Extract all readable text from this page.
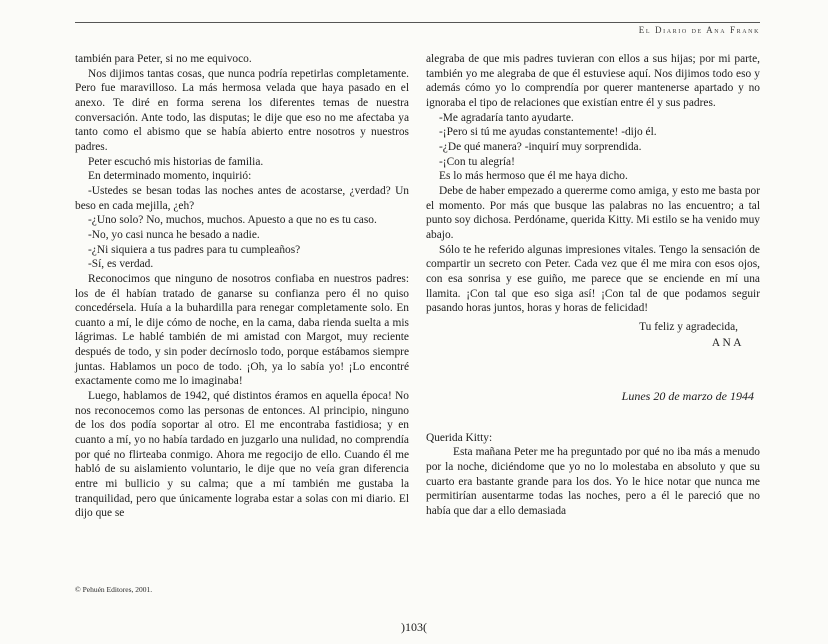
El Diario de Ana Frank

también para Peter, si no me equivoco.

Nos dijimos tantas cosas, que nunca podría repetirlas completamente. Pero fue maravilloso. La más hermosa velada que haya pasado en el anexo. Te diré en forma serena los diferentes temas de nuestra conversación. Ante todo, las disputas; le dije que eso no me afectaba ya tanto como el abismo que se había abierto entre nosotros y nuestros padres.

Peter escuchó mis historias de familia.

En determinado momento, inquirió:

-Ustedes se besan todas las noches antes de acostarse, ¿verdad? Un beso en cada mejilla, ¿eh?

-¿Uno solo? No, muchos, muchos. Apuesto a que no es tu caso.

-No, yo casi nunca he besado a nadie.

-¿Ni siquiera a tus padres para tu cumpleaños?

-Sí, es verdad.

Reconocimos que ninguno de nosotros confiaba en nuestros padres: los de él habían tratado de ganarse su confianza pero él no quiso concedérsela. Huía a la buhardilla para renegar completamente solo. En cuanto a mí, le dije cómo de noche, en la cama, daba rienda suelta a mis lágrimas. Le hablé también de mi amistad con Margot, muy reciente después de todo, y sin poder decírnoslo todo, porque estábamos siempre juntas. Hablamos un poco de todo. ¡Oh, ya lo sabía yo! ¡Lo encontré exactamente como me lo imaginaba!

Luego, hablamos de 1942, qué distintos éramos en aquella época! No nos reconocemos como las personas de entonces. Al principio, ninguno de los dos podía soportar al otro. El me encontraba fastidiosa; y en cuanto a mí, yo no había tardado en juzgarlo una nulidad, no comprendía por qué no flirteaba conmigo. Ahora me regocijo de ello. Cuando él me habló de su aislamiento voluntario, le dije que no veía gran diferencia entre mi bullicio y su calma; que a mí también me gustaba la tranquilidad, pero que únicamente lograba estar a solas con mi diario. El dijo que se

alegraba de que mis padres tuvieran con ellos a sus hijas; por mi parte, también yo me alegraba de que él estuviese aquí. Nos dijimos todo eso y además cómo yo lo comprendía por querer mantenerse apartado y no ignoraba el tipo de relaciones que existían entre él y sus padres.

-Me agradaría tanto ayudarte.

-¡Pero si tú me ayudas constantemente! -dijo él.

-¿De qué manera? -inquirí muy sorprendida.

-¡Con tu alegría!

Es lo más hermoso que él me haya dicho.

Debe de haber empezado a quererme como amiga, y esto me basta por el momento. Por más que busque las palabras no las encuentro; a tal punto soy dichosa. Perdóname, querida Kitty. Mi estilo se ha venido muy abajo.

Sólo te he referido algunas impresiones vitales. Tengo la sensación de compartir un secreto con Peter. Cada vez que él me mira con esos ojos, con esa sonrisa y ese guiño, me parece que se enciende en mí una llamita. ¡Con tal que eso siga así! ¡Con tal de que podamos seguir pasando horas juntos, horas y horas de felicidad!

Tu feliz y agradecida,

ANA

Lunes 20 de marzo de 1944

Querida Kitty:

Esta mañana Peter me ha preguntado por qué no iba más a menudo por la noche, diciéndome que yo no lo molestaba en absoluto y que su cuarto era bastante grande para los dos. Yo le hice notar que nunca me permitirían ausentarme todas las noches, pero a él le pareció que no había que dar a ello demasiada

© Pehuén Editores, 2001.
)103(
